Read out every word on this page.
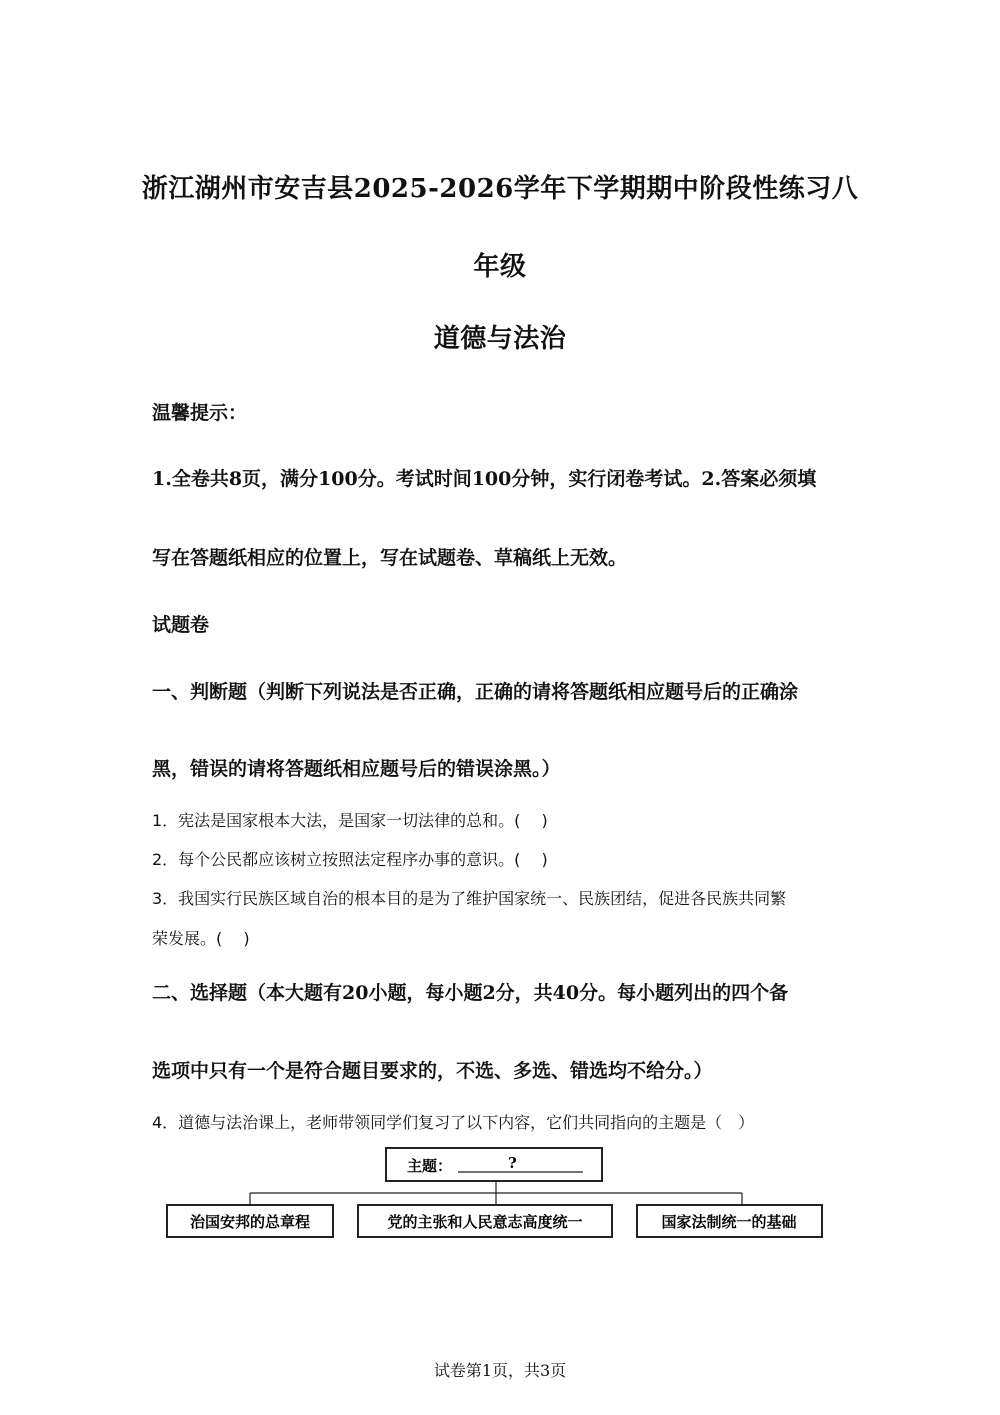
浙江湖州市安吉县2025-2026学年下学期期中阶段性练习八
年级
道德与法治
温馨提示：
1.全卷共8页，满分100分。考试时间100分钟，实行闭卷考试。2.答案必须填
写在答题纸相应的位置上，写在试题卷、草稿纸上无效。
试题卷
一、判断题（判断下列说法是否正确，正确的请将答题纸相应题号后的正确涂
黑，错误的请将答题纸相应题号后的错误涂黑。）
1．宪法是国家根本大法，是国家一切法律的总和。(　 )
2．每个公民都应该树立按照法定程序办事的意识。(　 )
3．我国实行民族区域自治的根本目的是为了维护国家统一、民族团结，促进各民族共同繁
荣发展。(　 )
二、选择题（本大题有20小题，每小题2分，共40分。每小题列出的四个备
选项中只有一个是符合题目要求的，不选、多选、错选均不给分。）
4．道德与法治课上，老师带领同学们复习了以下内容，它们共同指向的主题是（　）
主题：	?
治国安邦的总章程	党的主张和人民意志高度统一	国家法制统一的基础
试卷第1页，共3页
